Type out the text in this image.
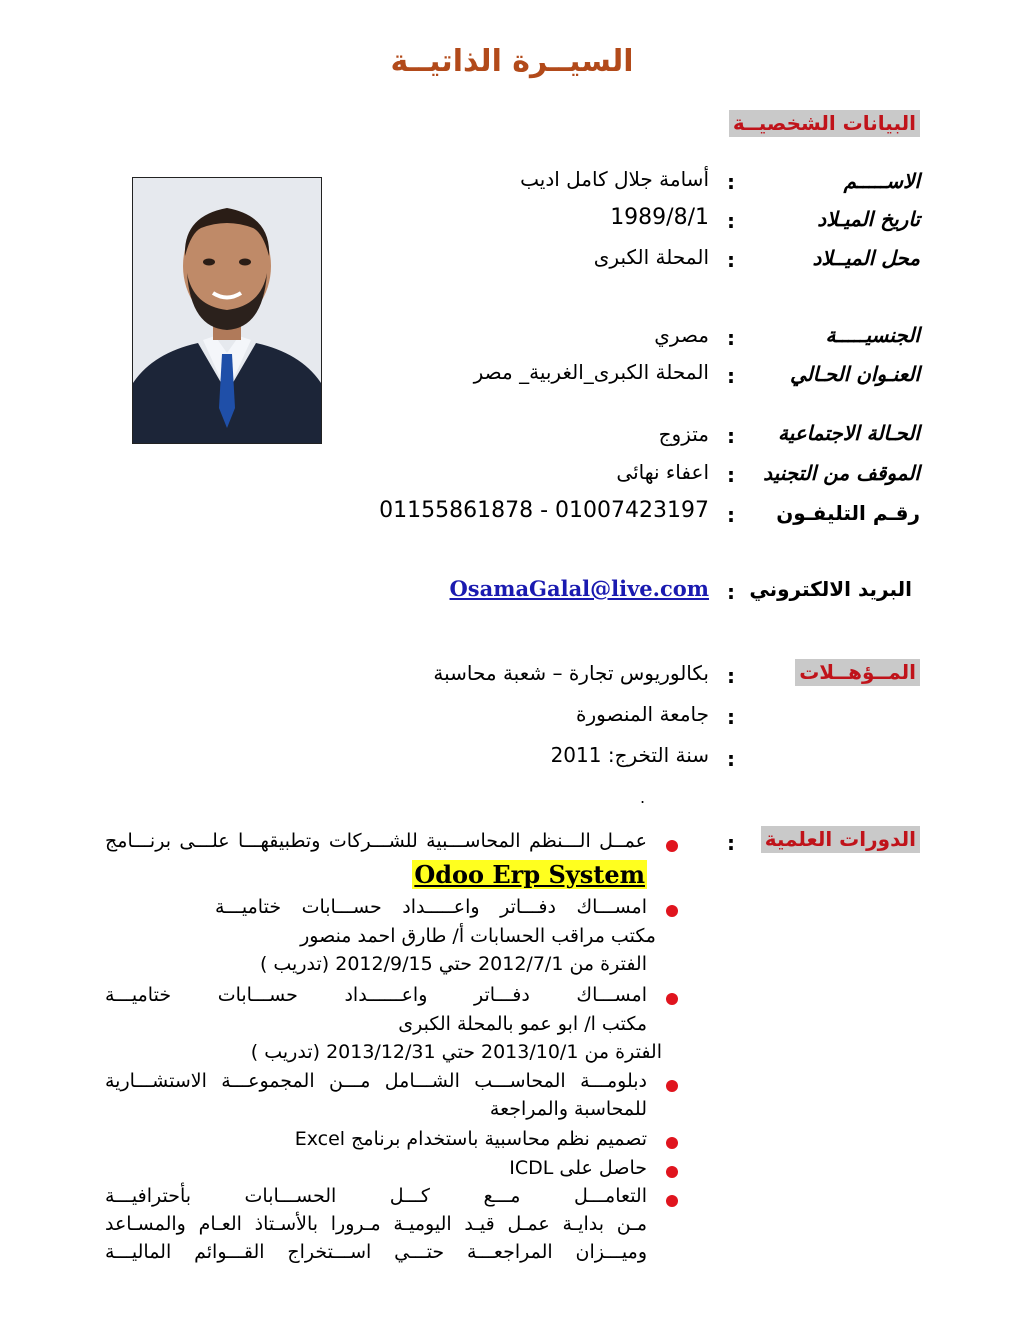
السيــرة الذاتيــة
البيانات الشخصيــة
الاســـــم
:
أسامة جلال كامل اديب
تاريخ الميـلاد
:
1989/8/1
محل الميــلاد
:
المحلة الكبرى
الجنسيـــــة
:
مصري
العنـوان الحـالي
:
المحلة الكبرى_الغربية_ مصر
الحـالة الاجتماعية
:
متزوج
الموقف من التجنيد
:
اعفاء نهائى
رقـم التليفـون
:
01155861878 - 01007423197
البريد الالكتروني
:
OsamaGalal@live.com
المــؤهــلات
:
بكالوريوس تجارة – شعبة محاسبة
:
جامعة المنصورة
:
سنة التخرج: 2011
.
الدورات العلمية
:
عمــل الـــنظم المحاســـبية للشـــركات وتطبيقهـــا علـــى برنـــامج
Odoo Erp System
امســـاك دفـــاتر واعـــــداد حســـابات ختاميـــة
مكتب مراقب الحسابات أ/ طارق احمد منصور
الفترة من 2012/7/1 حتي 2012/9/15 (تدريب )
امســـاك دفـــاتر واعــــــداد حســـابات ختاميـــة
مكتب ا/ ابو عمو بالمحلة الكبرى
الفترة من 2013/10/1 حتي 2013/12/31 (تدريب )
دبلومـــة المحاســـب الشـــامل مـــن المجموعـــة الاستشـــارية
للمحاسبة والمراجعة
تصميم نظم محاسبية باستخدام برنامج Excel
حاصل على ICDL
التعامـــل مـــع كـــل الحســـابات بأحترافيـــة
مـن بدايـة عمـل قيـد اليوميـة مـرورا بالأسـتاذ العـام والمسـاعد
وميـــزان المراجعـــة حتـــي اســـتخراج القـــوائم الماليـــة
